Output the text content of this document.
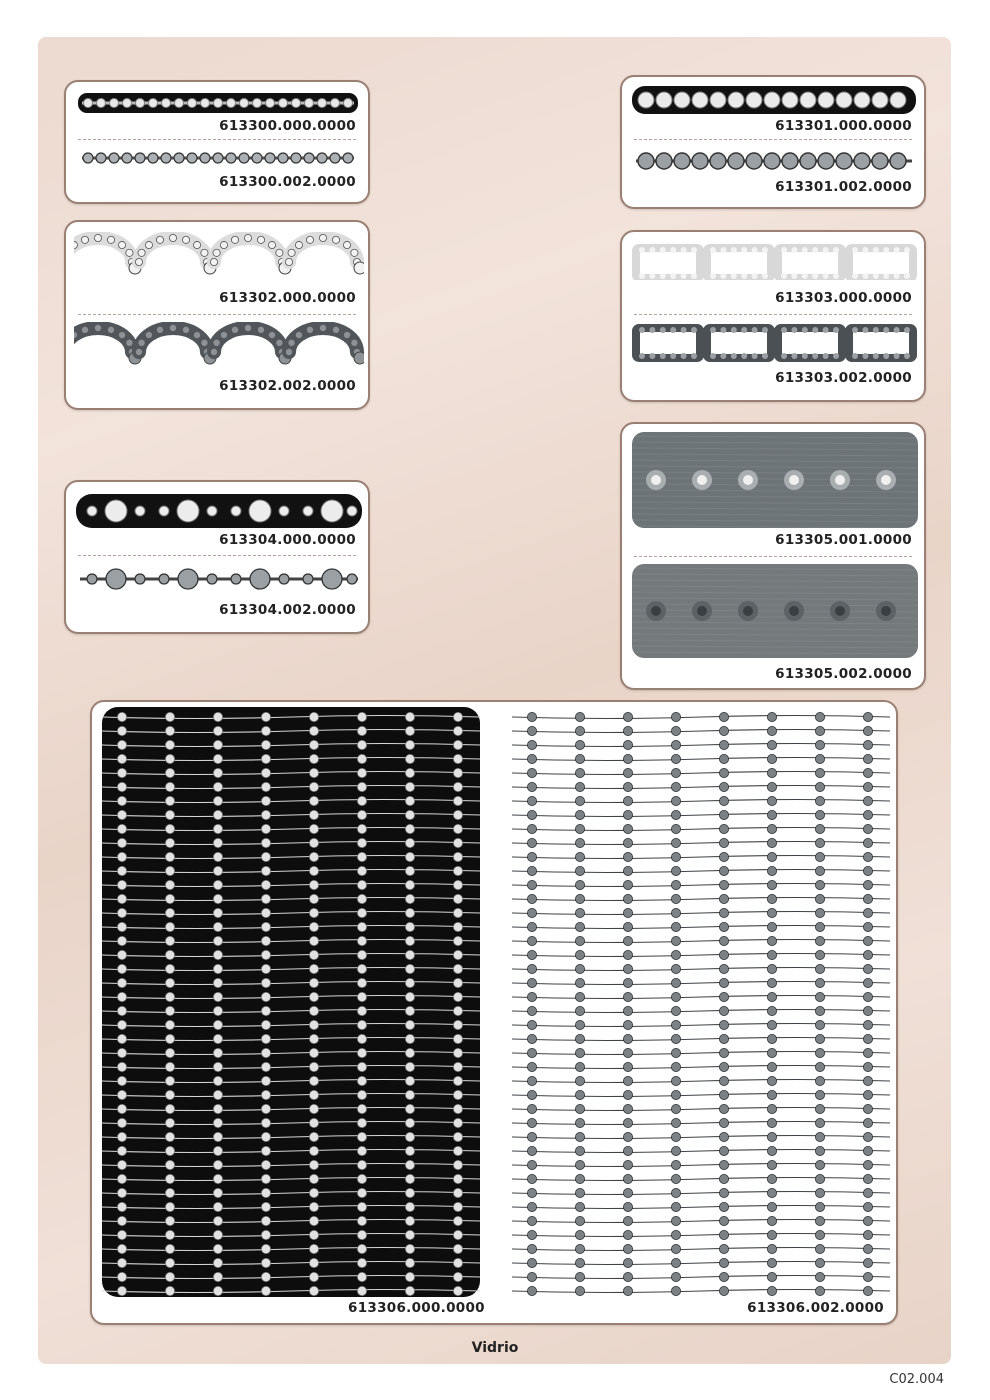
613300.000.0000
613300.002.0000
613301.000.0000
613301.002.0000
613302.000.0000
613302.002.0000
613303.000.0000
613303.002.0000
613304.000.0000
613304.002.0000
613305.001.0000
613305.002.0000
613306.000.0000	613306.002.0000
Vidrio
C02.004
